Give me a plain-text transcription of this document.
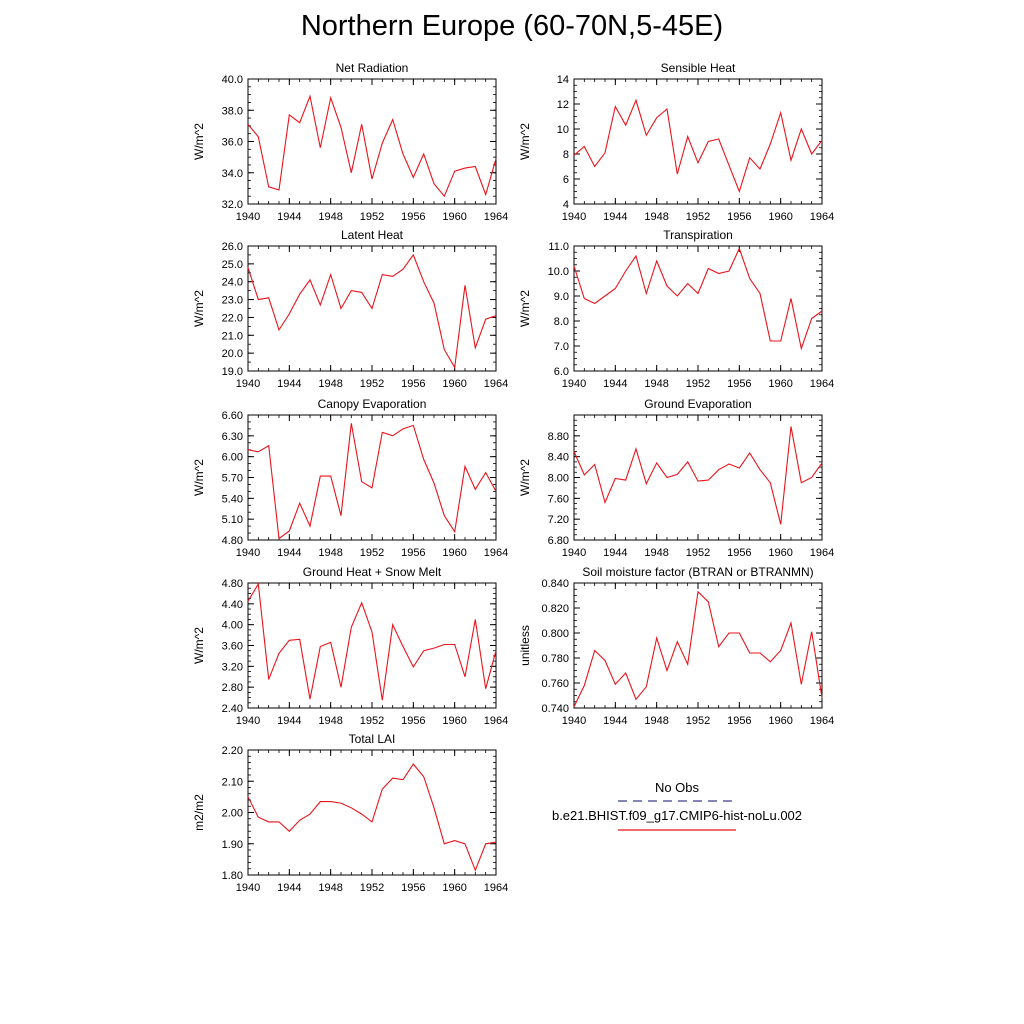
Northern Europe (60-70N,5-45E)
1940 1944 1948 1952 1956 1960 1964
32.0
34.0
36.0
38.0
40.0
Net Radiation
W/m^2
1940 1944 1948 1952 1956 1960 1964
4
6
8
10
12
14
Sensible Heat
W/m^2
1940 1944 1948 1952 1956 1960 1964
19.0
20.0
21.0
22.0
23.0
24.0
25.0
26.0
Latent Heat
W/m^2
1940 1944 1948 1952 1956 1960 1964
6.0
7.0
8.0
9.0
10.0
11.0
Transpiration
W/m^2
1940 1944 1948 1952 1956 1960 1964
4.80
5.10
5.40
5.70
6.00
6.30
6.60
Canopy Evaporation
W/m^2
1940 1944 1948 1952 1956 1960 1964
6.80
7.20
7.60
8.00
8.40
8.80
Ground Evaporation
W/m^2
1940 1944 1948 1952 1956 1960 1964
2.40
2.80
3.20
3.60
4.00
4.40
4.80
Ground Heat + Snow Melt
W/m^2
1940 1944 1948 1952 1956 1960 1964
0.740
0.760
0.780
0.800
0.820
0.840
Soil moisture factor (BTRAN or BTRANMN)
unitless
1940 1944 1948 1952 1956 1960 1964
1.80
1.90
2.00
2.10
2.20
Total LAI
m2/m2
No Obs
b.e21.BHIST.f09_g17.CMIP6-hist-noLu.002
